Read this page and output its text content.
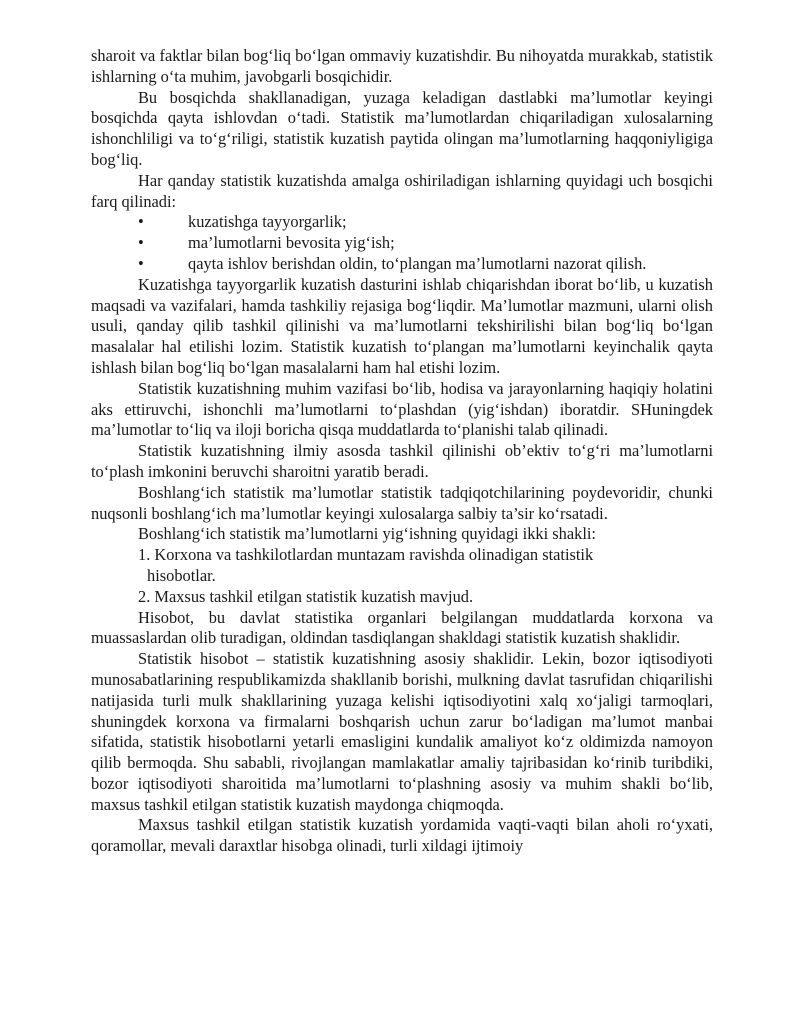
sharoit va faktlar bilan bog‘liq bo‘lgan ommaviy kuzatishdir. Bu nihoyatda murakkab, statistik ishlarning o‘ta muhim, javobgarli bosqichidir.

Bu bosqichda shakllanadigan, yuzaga keladigan dastlabki ma’lumotlar keyingi bosqichda qayta ishlovdan o‘tadi. Statistik ma’lumotlardan chiqariladigan xulosalarning ishonchliligi va to‘g‘riligi, statistik kuzatish paytida olingan ma’lumotlarning haqqoniyligiga bog‘liq.

Har qanday statistik kuzatishda amalga oshiriladigan ishlarning quyidagi uch bosqichi farq qilinadi:

•	kuzatishga tayyorgarlik;
•	ma’lumotlarni bevosita yig‘ish;
•	qayta ishlov berishdan oldin, to‘plangan ma’lumotlarni nazorat qilish.

Kuzatishga tayyorgarlik kuzatish dasturini ishlab chiqarishdan iborat bo‘lib, u kuzatish maqsadi va vazifalari, hamda tashkiliy rejasiga bog‘liqdir. Ma’lumotlar mazmuni, ularni olish usuli, qanday qilib tashkil qilinishi va ma’lumotlarni tekshirilishi bilan bog‘liq bo‘lgan masalalar hal etilishi lozim. Statistik kuzatish to‘plangan ma’lumotlarni keyinchalik qayta ishlash bilan bog‘liq bo‘lgan masalalarni ham hal etishi lozim.

Statistik kuzatishning muhim vazifasi bo‘lib, hodisa va jarayonlarning haqiqiy holatini aks ettiruvchi, ishonchli ma’lumotlarni to‘plashdan (yig‘ishdan) iboratdir. SHuningdek ma’lumotlar to‘liq va iloji boricha qisqa muddatlarda to‘planishi talab qilinadi.

Statistik kuzatishning ilmiy asosda tashkil qilinishi ob’ektiv to‘g‘ri ma’lumotlarni to‘plash imkonini beruvchi sharoitni yaratib beradi.

Boshlang‘ich statistik ma’lumotlar statistik tadqiqotchilarining poydevoridir, chunki nuqsonli boshlang‘ich ma’lumotlar keyingi xulosalarga salbiy ta’sir ko‘rsatadi.

Boshlang‘ich statistik ma’lumotlarni yig‘ishning quyidagi ikki shakli:

1. Korxona va tashkilotlardan muntazam ravishda olinadigan statistik
hisobotlar.

2. Maxsus tashkil etilgan statistik kuzatish mavjud.

Hisobot, bu davlat statistika organlari belgilangan muddatlarda korxona va muassaslardan olib turadigan, oldindan tasdiqlangan shakldagi statistik kuzatish shaklidir.

Statistik hisobot – statistik kuzatishning asosiy shaklidir. Lekin, bozor iqtisodiyoti munosabatlarining respublikamizda shakllanib borishi, mulkning davlat tasrufidan chiqarilishi natijasida turli mulk shakllarining yuzaga kelishi iqtisodiyotini xalq xo‘jaligi tarmoqlari, shuningdek korxona va firmalarni boshqarish uchun zarur bo‘ladigan ma’lumot manbai sifatida, statistik hisobotlarni yetarli emasligini kundalik amaliyot ko‘z oldimizda namoyon qilib bermoqda. Shu sababli, rivojlangan mamlakatlar amaliy tajribasidan ko‘rinib turibdiki, bozor iqtisodiyoti sharoitida ma’lumotlarni to‘plashning asosiy va muhim shakli bo‘lib, maxsus tashkil etilgan statistik kuzatish maydonga chiqmoqda.

Maxsus tashkil etilgan statistik kuzatish yordamida vaqti-vaqti bilan aholi ro‘yxati, qoramollar, mevali daraxtlar hisobga olinadi, turli xildagi ijtimoiy
